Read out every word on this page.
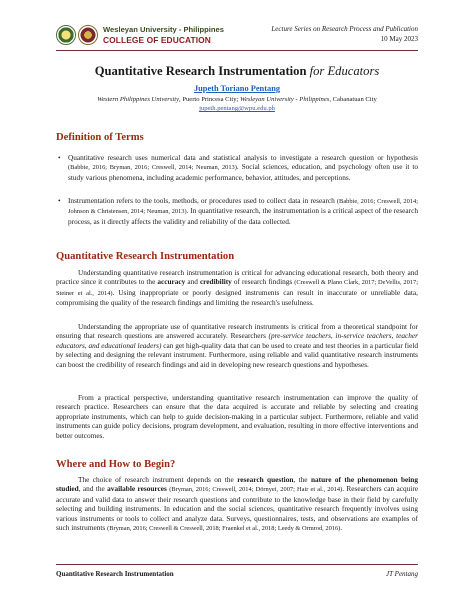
Wesleyan University - Philippines
COLLEGE OF EDUCATION
Lecture Series on Research Process and Publication
10 May 2023
Quantitative Research Instrumentation for Educators
Jupeth Toriano Pentang
Western Philippines University, Puerto Princesa City; Wesleyan University - Philippines, Cabanatuan City
jupeth.pentang@wpu.edu.ph
Definition of Terms
• Quantitative research uses numerical data and statistical analysis to investigate a research question or hypothesis (Babbie, 2016; Bryman, 2016; Creswell, 2014; Neuman, 2013). Social sciences, education, and psychology often use it to study various phenomena, including academic performance, behavior, attitudes, and perceptions.
• Instrumentation refers to the tools, methods, or procedures used to collect data in research (Babbie, 2016; Creswell, 2014; Johnson & Christensen, 2014; Neuman, 2013). In quantitative research, the instrumentation is a critical aspect of the research process, as it directly affects the validity and reliability of the data collected.
Quantitative Research Instrumentation
Understanding quantitative research instrumentation is critical for advancing educational research, both theory and practice since it contributes to the accuracy and credibility of research findings (Creswell & Plano Clark, 2017; DeVellis, 2017; Steiner et al., 2014). Using inappropriate or poorly designed instruments can result in inaccurate or unreliable data, compromising the quality of the research findings and limiting the research's usefulness.
Understanding the appropriate use of quantitative research instruments is critical from a theoretical standpoint for ensuring that research questions are answered accurately. Researchers (pre-service teachers, in-service teachers, teacher educators, and educational leaders) can get high-quality data that can be used to create and test theories in a particular field by selecting and designing the relevant instrument. Furthermore, using reliable and valid quantitative research instruments can boost the credibility of research findings and aid in developing new research questions and hypotheses.
From a practical perspective, understanding quantitative research instrumentation can improve the quality of research practice. Researchers can ensure that the data acquired is accurate and reliable by selecting and creating appropriate instruments, which can help to guide decision-making in a particular subject. Furthermore, reliable and valid instruments can guide policy decisions, program development, and evaluation, resulting in more effective interventions and better outcomes.
Where and How to Begin?
The choice of research instrument depends on the research question, the nature of the phenomenon being studied, and the available resources (Bryman, 2016; Creswell, 2014; Dörnyei, 2007; Hair et al., 2014). Researchers can acquire accurate and valid data to answer their research questions and contribute to the knowledge base in their field by carefully selecting and building instruments. In education and the social sciences, quantitative research frequently involves using various instruments or tools to collect and analyze data. Surveys, questionnaires, tests, and observations are examples of such instruments (Bryman, 2016; Creswell & Creswell, 2018; Fraenkel et al., 2018; Leedy & Ormrod, 2016).
Quantitative Research Instrumentation	JT Pentang
